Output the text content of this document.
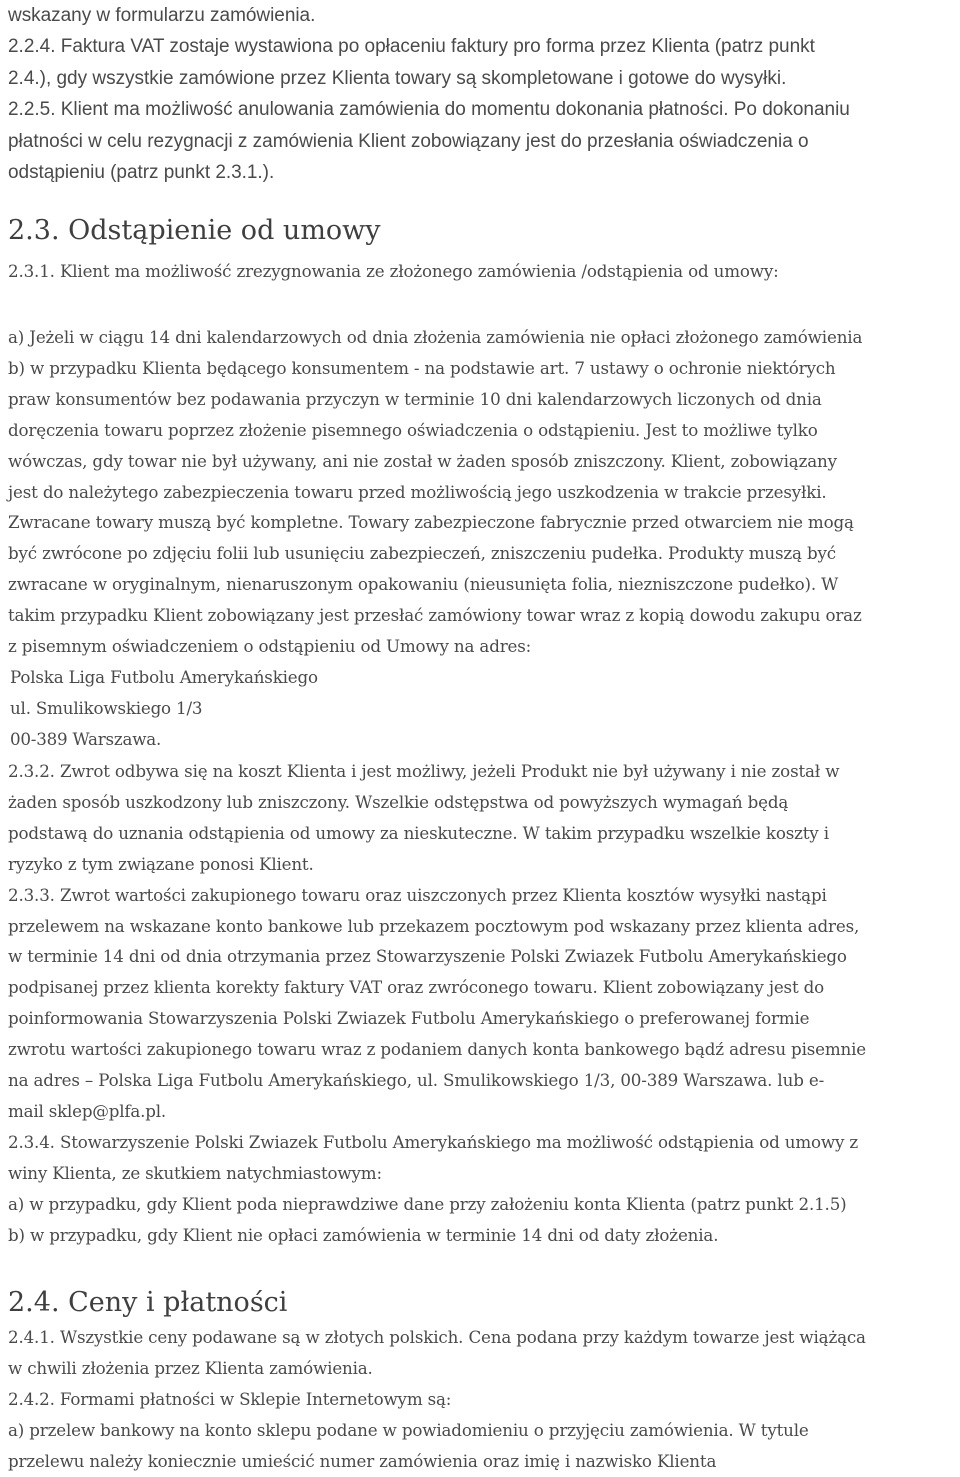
wskazany w formularzu zamówienia.
2.2.4. Faktura VAT zostaje wystawiona po opłaceniu faktury pro forma przez Klienta (patrz punkt
2.4.), gdy wszystkie zamówione przez Klienta towary są skompletowane i gotowe do wysyłki.
2.2.5. Klient ma możliwość anulowania zamówienia do momentu dokonania płatności. Po dokonaniu
płatności w celu rezygnacji z zamówienia Klient zobowiązany jest do przesłania oświadczenia o
odstąpieniu (patrz punkt 2.3.1.).
2.3. Odstąpienie od umowy
2.3.1. Klient ma możliwość zrezygnowania ze złożonego zamówienia /odstąpienia od umowy:
a) Jeżeli w ciągu 14 dni kalendarzowych od dnia złożenia zamówienia nie opłaci złożonego zamówienia
b) w przypadku Klienta będącego konsumentem - na podstawie art. 7 ustawy o ochronie niektórych
praw konsumentów bez podawania przyczyn w terminie 10 dni kalendarzowych liczonych od dnia
doręczenia towaru poprzez złożenie pisemnego oświadczenia o odstąpieniu. Jest to możliwe tylko
wówczas, gdy towar nie był używany, ani nie został w żaden sposób zniszczony. Klient, zobowiązany
jest do należytego zabezpieczenia towaru przed możliwością jego uszkodzenia w trakcie przesyłki.
Zwracane towary muszą być kompletne. Towary zabezpieczone fabrycznie przed otwarciem nie mogą
być zwrócone po zdjęciu folii lub usunięciu zabezpieczeń, zniszczeniu pudełka. Produkty muszą być
zwracane w oryginalnym, nienaruszonym opakowaniu (nieusunięta folia, niezniszczone pudełko). W
takim przypadku Klient zobowiązany jest przesłać zamówiony towar wraz z kopią dowodu zakupu oraz
z pisemnym oświadczeniem o odstąpieniu od Umowy na adres:
Polska Liga Futbolu Amerykańskiego
ul. Smulikowskiego 1/3
00-389 Warszawa.
2.3.2. Zwrot odbywa się na koszt Klienta i jest możliwy, jeżeli Produkt nie był używany i nie został w
żaden sposób uszkodzony lub zniszczony. Wszelkie odstępstwa od powyższych wymagań będą
podstawą do uznania odstąpienia od umowy za nieskuteczne. W takim przypadku wszelkie koszty i
ryzyko z tym związane ponosi Klient.
2.3.3. Zwrot wartości zakupionego towaru oraz uiszczonych przez Klienta kosztów wysyłki nastąpi
przelewem na wskazane konto bankowe lub przekazem pocztowym pod wskazany przez klienta adres,
w terminie 14 dni od dnia otrzymania przez Stowarzyszenie Polski Zwiazek Futbolu Amerykańskiego
podpisanej przez klienta korekty faktury VAT oraz zwróconego towaru. Klient zobowiązany jest do
poinformowania Stowarzyszenia Polski Zwiazek Futbolu Amerykańskiego o preferowanej formie
zwrotu wartości zakupionego towaru wraz z podaniem danych konta bankowego bądź adresu pisemnie
na adres – Polska Liga Futbolu Amerykańskiego, ul. Smulikowskiego 1/3, 00-389 Warszawa. lub e-
mail sklep@plfa.pl.
2.3.4. Stowarzyszenie Polski Zwiazek Futbolu Amerykańskiego ma możliwość odstąpienia od umowy z
winy Klienta, ze skutkiem natychmiastowym:
a) w przypadku, gdy Klient poda nieprawdziwe dane przy założeniu konta Klienta (patrz punkt 2.1.5)
b) w przypadku, gdy Klient nie opłaci zamówienia w terminie 14 dni od daty złożenia.
2.4. Ceny i płatności
2.4.1. Wszystkie ceny podawane są w złotych polskich. Cena podana przy każdym towarze jest wiążąca
w chwili złożenia przez Klienta zamówienia.
2.4.2. Formami płatności w Sklepie Internetowym są:
a) przelew bankowy na konto sklepu podane w powiadomieniu o przyjęciu zamówienia. W tytule
przelewu należy koniecznie umieścić numer zamówienia oraz imię i nazwisko Klienta
